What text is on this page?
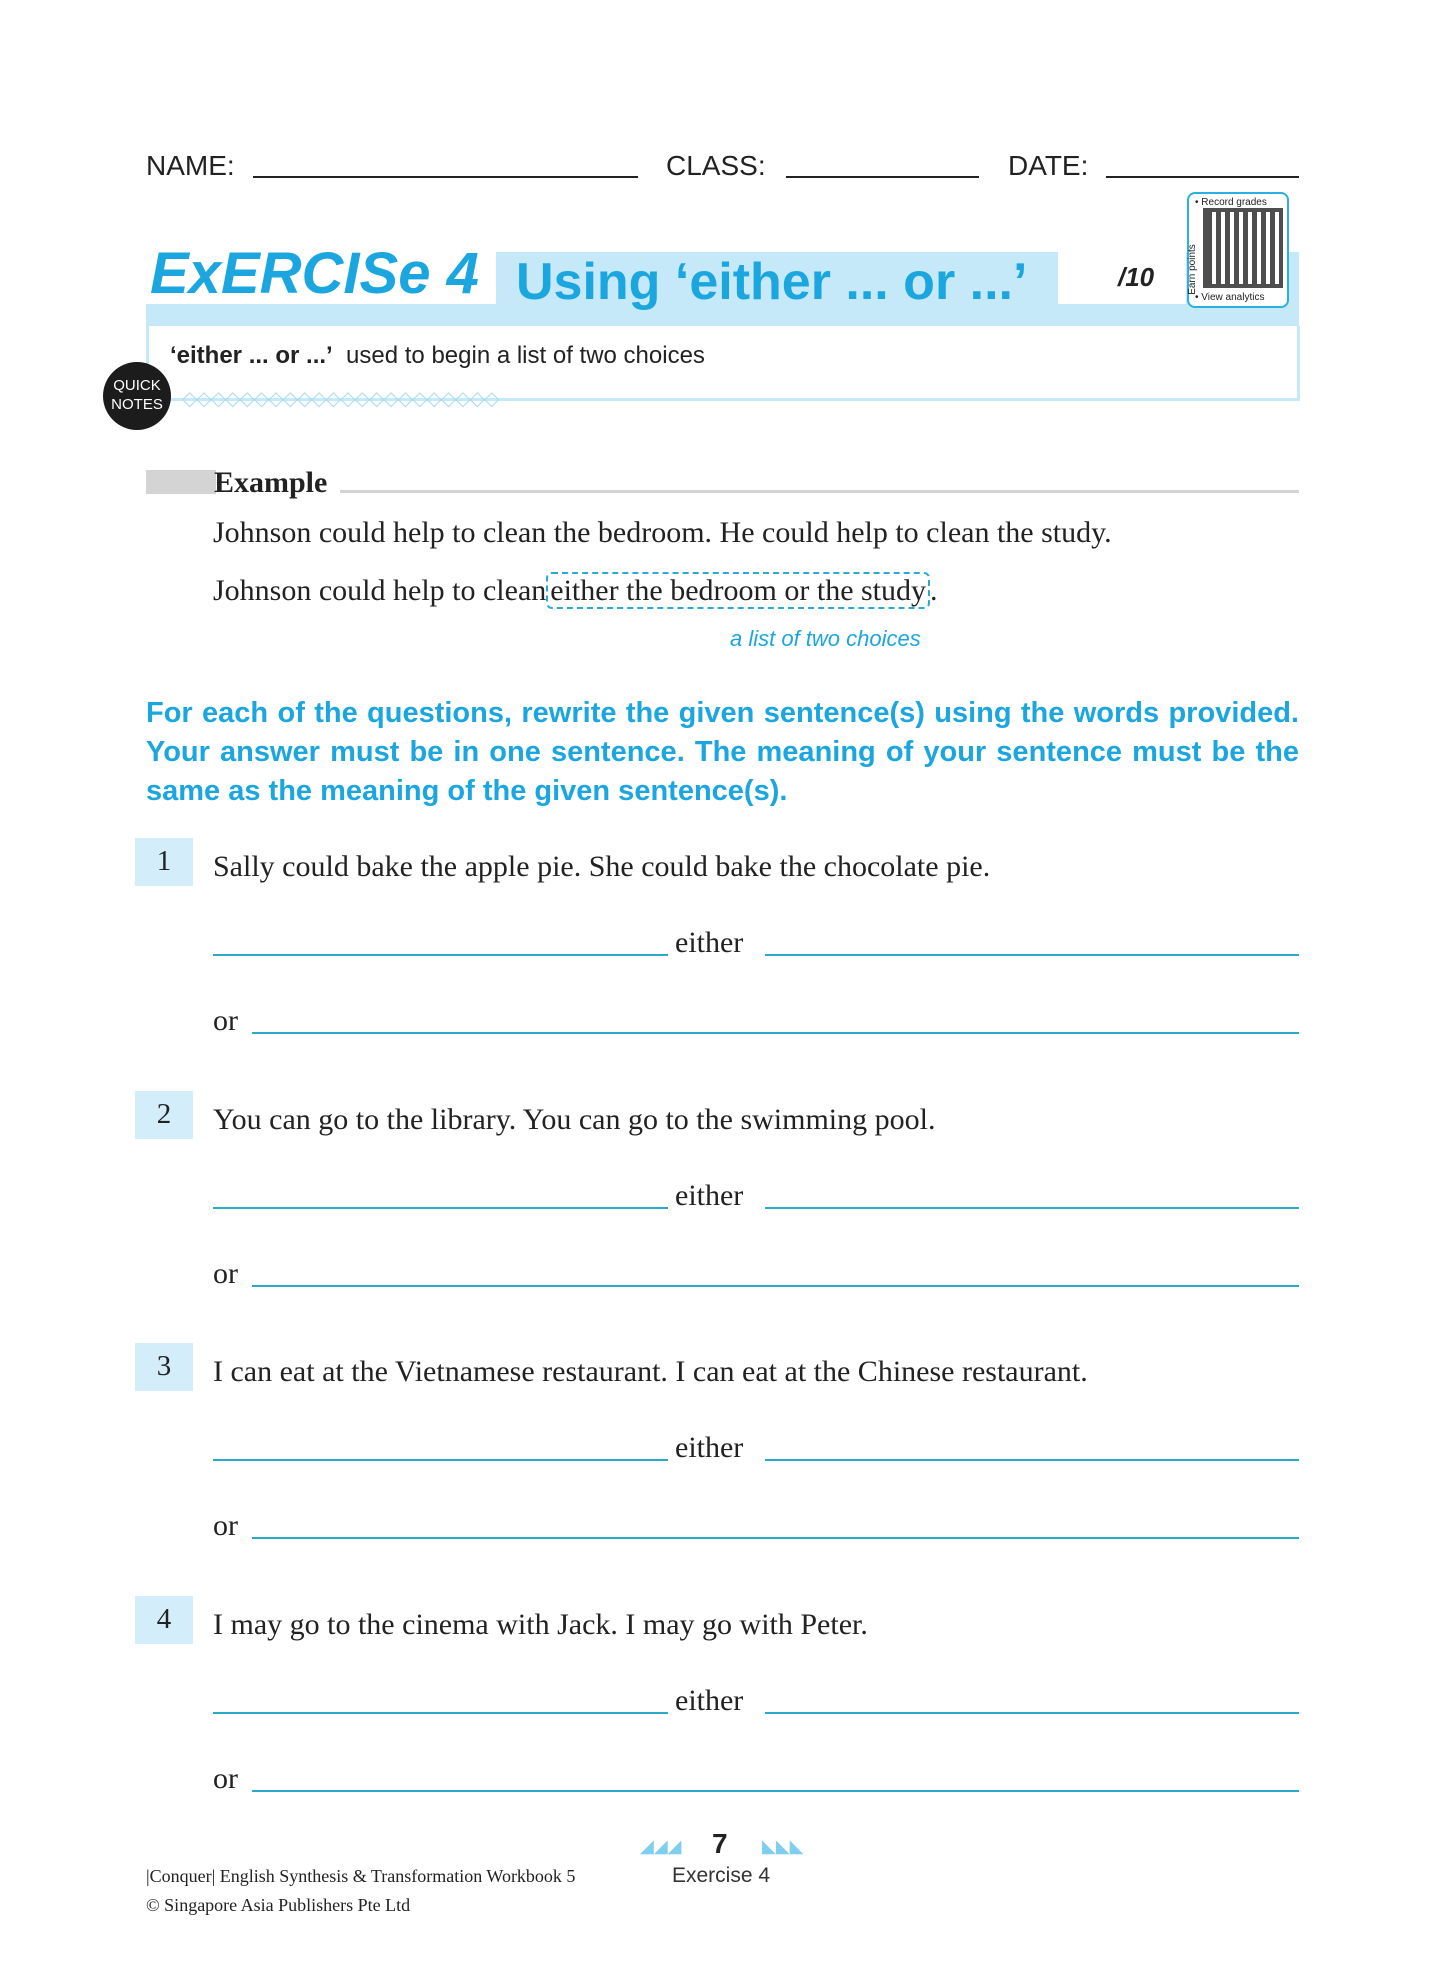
NAME:	CLASS:	DATE:
ExERCISe 4 Using ‘either ... or ...’	/10
• Record grades
Earn points
• View analytics
‘either ... or ...’ used to begin a list of two choices
QUICK NOTES ◇◇◇◇◇◇◇◇◇◇◇◇◇◇◇◇◇◇◇◇◇◇
Example
Johnson could help to clean the bedroom. He could help to clean the study.
Johnson could help to clean either the bedroom or the study .
a list of two choices
For each of the questions, rewrite the given sentence(s) using the words provided. Your answer must be in one sentence. The meaning of your sentence must be the same as the meaning of the given sentence(s).
1	Sally could bake the apple pie. She could bake the chocolate pie.
either
or
2	You can go to the library. You can go to the swimming pool.
either
or
3	I can eat at the Vietnamese restaurant. I can eat at the Chinese restaurant.
either
or
4	I may go to the cinema with Jack. I may go with Peter.
either
or
◢◢◢	◣◣◣
7
Exercise 4
|Conquer| English Synthesis & Transformation Workbook 5
© Singapore Asia Publishers Pte Ltd
